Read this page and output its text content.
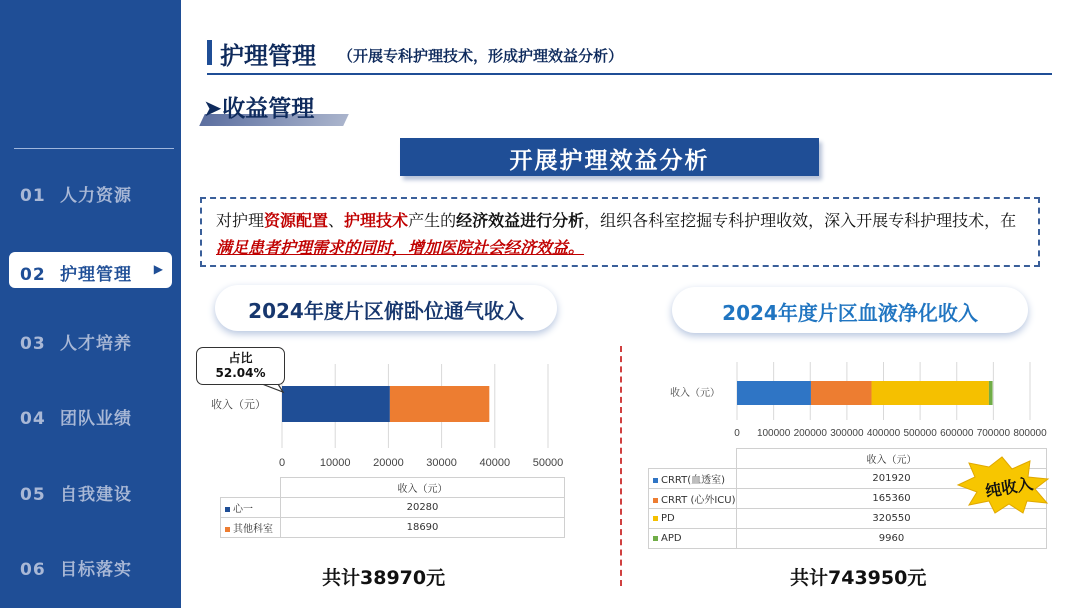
01 人力资源
02 护理管理 ▶
03 人才培养
04 团队业绩
05 自我建设
06 目标落实
护理管理 （开展专科护理技术，形成护理效益分析）
➤收益管理
开展护理效益分析
对护理资源配置、护理技术产生的经济效益进行分析，组织各科室挖掘专科护理收效，深入开展专科护理技术，在满足患者护理需求的同时，增加医院社会经济效益。
2024年度片区俯卧位通气收入	2024年度片区血液净化收入
0	10000 20000 30000 40000 50000
收入（元）
0 100000 200000 300000 400000 500000 600000 700000 800000
收入（元）
占比
52.04%
	收入（元）
心一	20280
其他科室	18690
	收入（元）
CRRT(血透室)	201920
CRRT (心外ICU)	165360
PD	320550
APD	9960
纯收入
共计38970元	共计743950元
